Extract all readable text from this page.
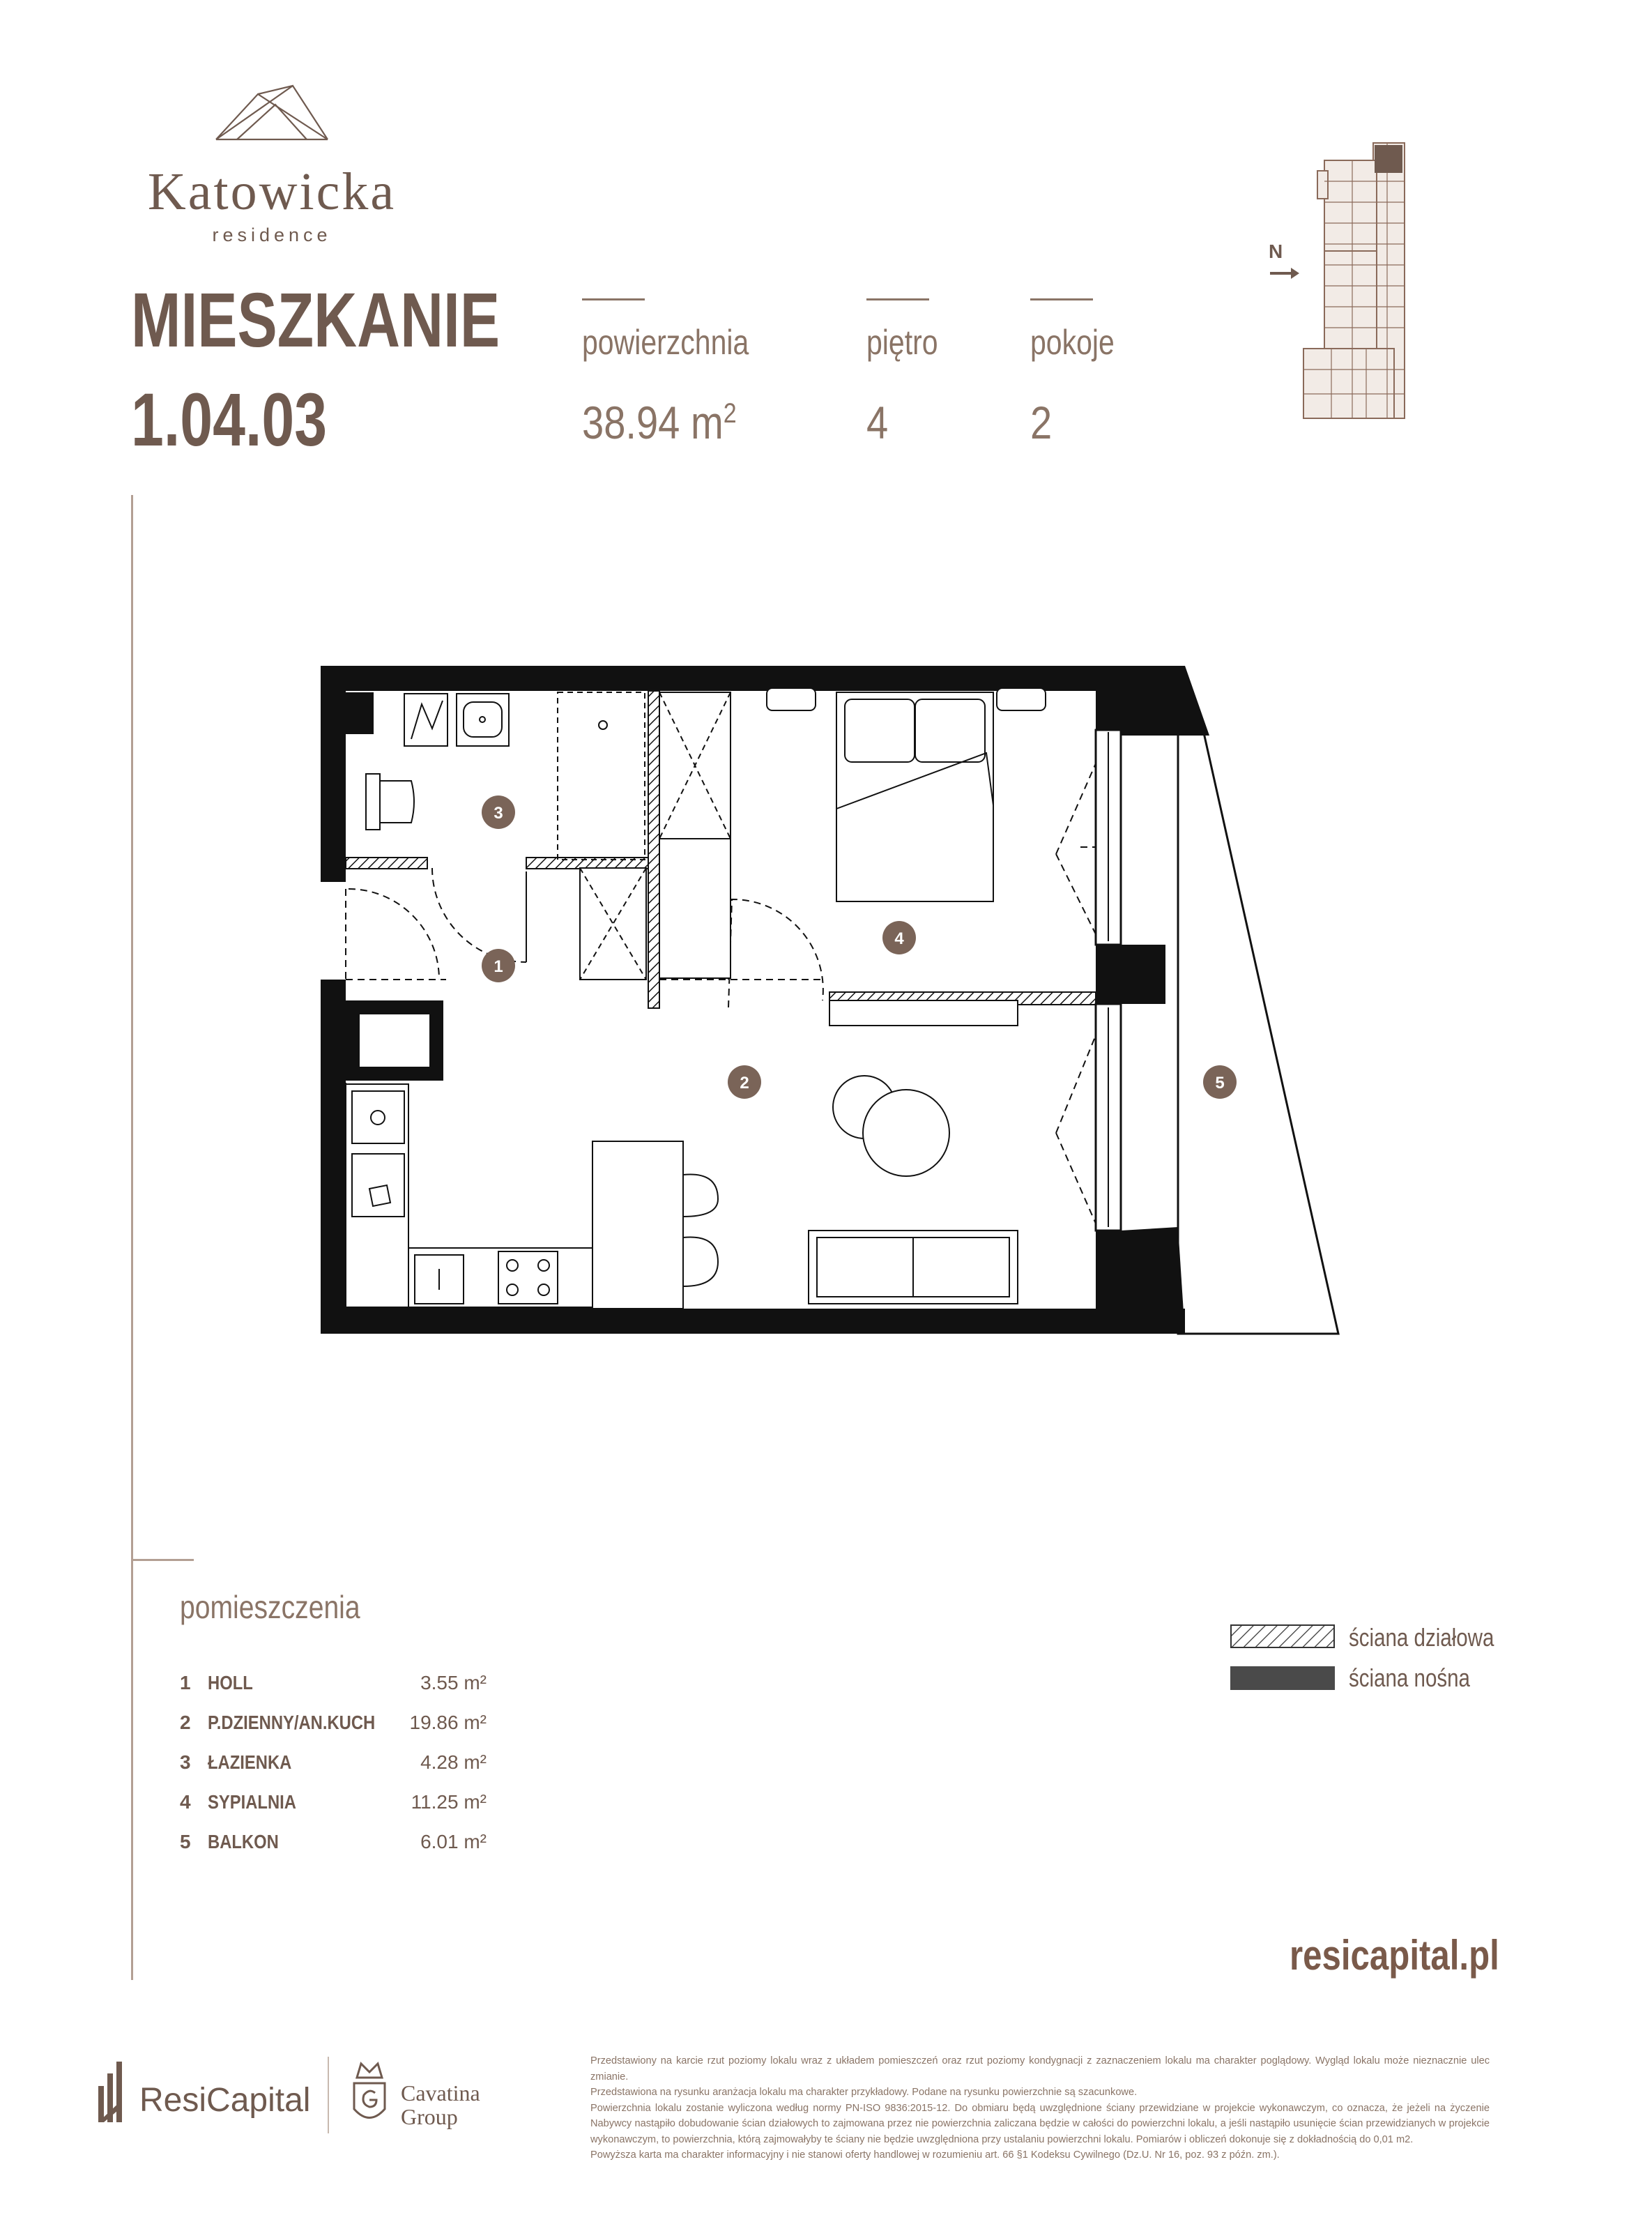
Katowicka
residence
MIESZKANIE
1.04.03
powierzchnia
38.94 $m^2$
piętro
4
pokoje
2
N
3
1
4
2	5
pomieszczenia
1 HOLL	3.55 m²
2 P.DZIENNY/AN.KUCH 19.86 m²
3 ŁAZIENKA	4.28 m²
4 SYPIALNIA	11.25 m²
5 BALKON	6.01 m²
ściana działowa
ściana nośna
resicapital.pl
ResiCapital	Cavatina
Group
Przedstawiony na karcie rzut poziomy lokalu wraz z układem pomieszczeń oraz rzut poziomy kondygnacji z zaznaczeniem lokalu ma charakter poglądowy. Wygląd lokalu może nieznacznie ulec zmianie.
Przedstawiona na rysunku aranżacja lokalu ma charakter przykładowy. Podane na rysunku powierzchnie są szacunkowe.
Powierzchnia lokalu zostanie wyliczona według normy PN-ISO 9836:2015-12. Do obmiaru będą uwzględnione ściany przewidziane w projekcie wykonawczym, co oznacza, że jeżeli na życzenie Nabywcy nastąpiło dobudowanie ścian działowych to zajmowana przez nie powierzchnia zaliczana będzie w całości do powierzchni lokalu, a jeśli nastąpiło usunięcie ścian przewidzianych w projekcie wykonawczym, to powierzchnia, którą zajmowałyby te ściany nie będzie uwzględniona przy ustalaniu powierzchni lokalu. Pomiarów i obliczeń dokonuje się z dokładnością do 0,01 m2.
Powyższa karta ma charakter informacyjny i nie stanowi oferty handlowej w rozumieniu art. 66 §1 Kodeksu Cywilnego (Dz.U. Nr 16, poz. 93 z późn. zm.).
